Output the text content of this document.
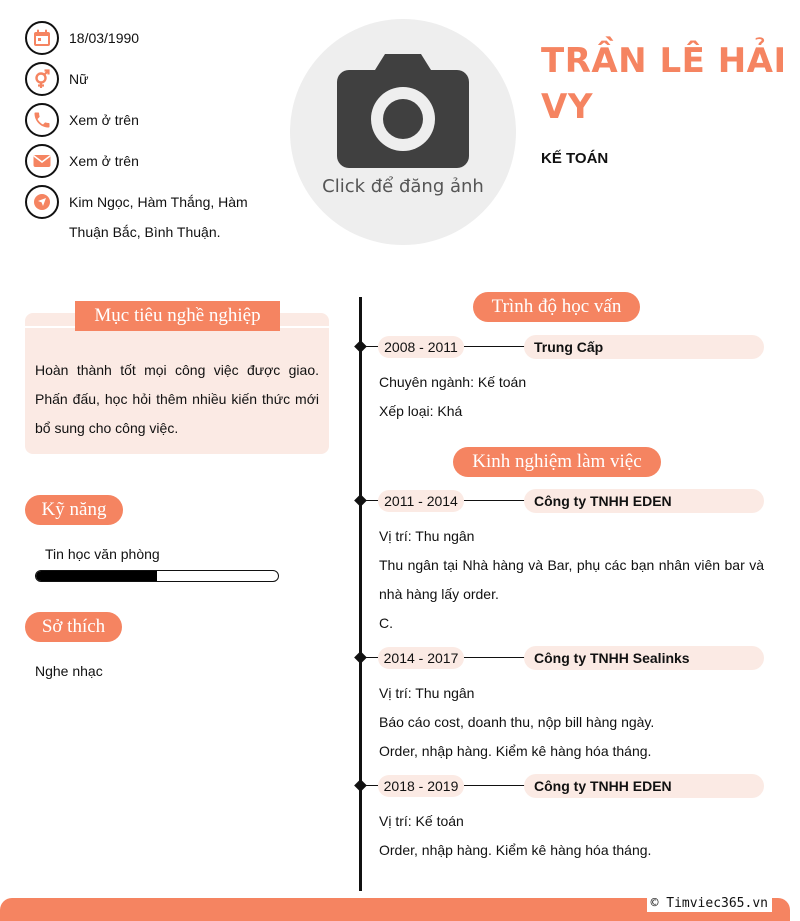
18/03/1990
Nữ
Xem ở trên
Xem ở trên
Kim Ngọc, Hàm Thắng, Hàm Thuận Bắc, Bình Thuận.
Click để đăng ảnh
TRẦN LÊ HẢI VY
KẾ TOÁN
Mục tiêu nghề nghiệp
Hoàn thành tốt mọi công việc được giao. Phấn đấu, học hỏi thêm nhiều kiến thức mới bổ sung cho công việc.
Kỹ năng
Tin học văn phòng
Sở thích
Nghe nhạc
Trình độ học vấn
2008 - 2011	Trung Cấp
Chuyên ngành: Kế toán
Xếp loại: Khá
Kinh nghiệm làm việc
2011 - 2014	Công ty TNHH EDEN
Vị trí: Thu ngân
Thu ngân tại Nhà hàng và Bar, phụ các bạn nhân viên bar và nhà hàng lấy order.
C.
2014 - 2017	Công ty TNHH Sealinks
Vị trí: Thu ngân
Báo cáo cost, doanh thu, nộp bill hàng ngày.
Order, nhập hàng. Kiểm kê hàng hóa tháng.
2018 - 2019	Công ty TNHH EDEN
Vị trí: Kế toán
Order, nhập hàng. Kiểm kê hàng hóa tháng.
© Timviec365.vn
